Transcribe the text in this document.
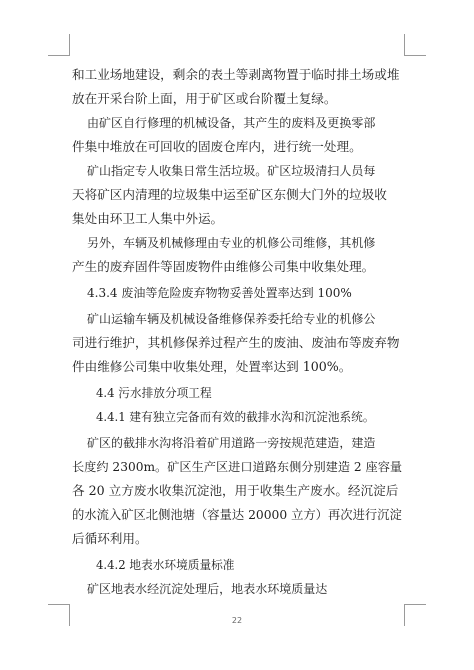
和工业场地建设，剩余的表土等剥离物置于临时排土场或堆
放在开采台阶上面，用于矿区或台阶覆土复绿。
由矿区自行修理的机械设备，其产生的废料及更换零部
件集中堆放在可回收的固废仓库内，进行统一处理。
矿山指定专人收集日常生活垃圾。矿区垃圾清扫人员每
天将矿区内清理的垃圾集中运至矿区东侧大门外的垃圾收
集处由环卫工人集中外运。
另外，车辆及机械修理由专业的机修公司维修，其机修
产生的废弃固件等固废物件由维修公司集中收集处理。
4.3.4 废油等危险废弃物物妥善处置率达到 100%
矿山运输车辆及机械设备维修保养委托给专业的机修公
司进行维护，其机修保养过程产生的废油、废油布等废弃物
件由维修公司集中收集处理，处置率达到 100%。
4.4 污水排放分项工程
4.4.1 建有独立完备而有效的截排水沟和沉淀池系统。
矿区的截排水沟将沿着矿用道路一旁按规范建造，建造
长度约 2300m。矿区生产区进口道路东侧分别建造 2 座容量
各 20 立方废水收集沉淀池，用于收集生产废水。经沉淀后
的水流入矿区北侧池塘（容量达 20000 立方）再次进行沉淀
后循环利用。
4.4.2 地表水环境质量标准
矿区地表水经沉淀处理后，地表水环境质量达
22
